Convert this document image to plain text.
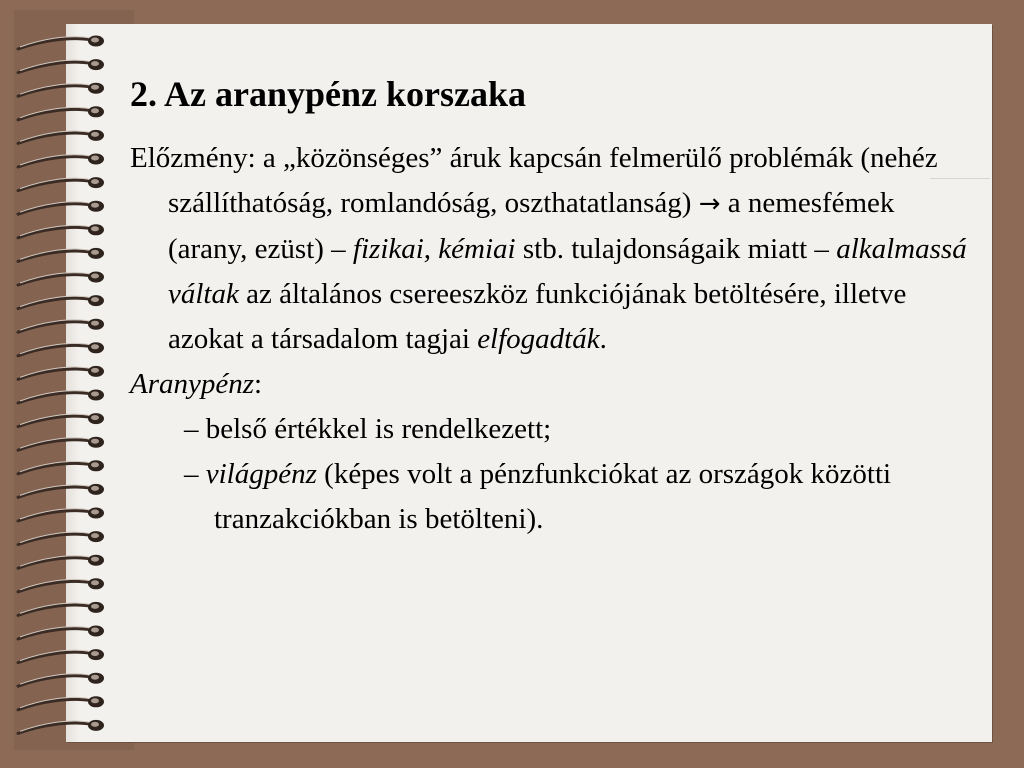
2. Az aranypénz korszaka

Előzmény: a „közönséges” áruk kapcsán felmerülő problémák (nehéz szállíthatóság, romlandóság, oszthatatlanság) → a nemesfémek (arany, ezüst) – fizikai, kémiai stb. tulajdonságaik miatt – alkalmassá váltak az általános csereeszköz funkciójának betöltésére, illetve azokat a társadalom tagjai elfogadták.

Aranypénz:

– belső értékkel is rendelkezett;

– világpénz (képes volt a pénzfunkciókat az országok közötti tranzakciókban is betölteni).
